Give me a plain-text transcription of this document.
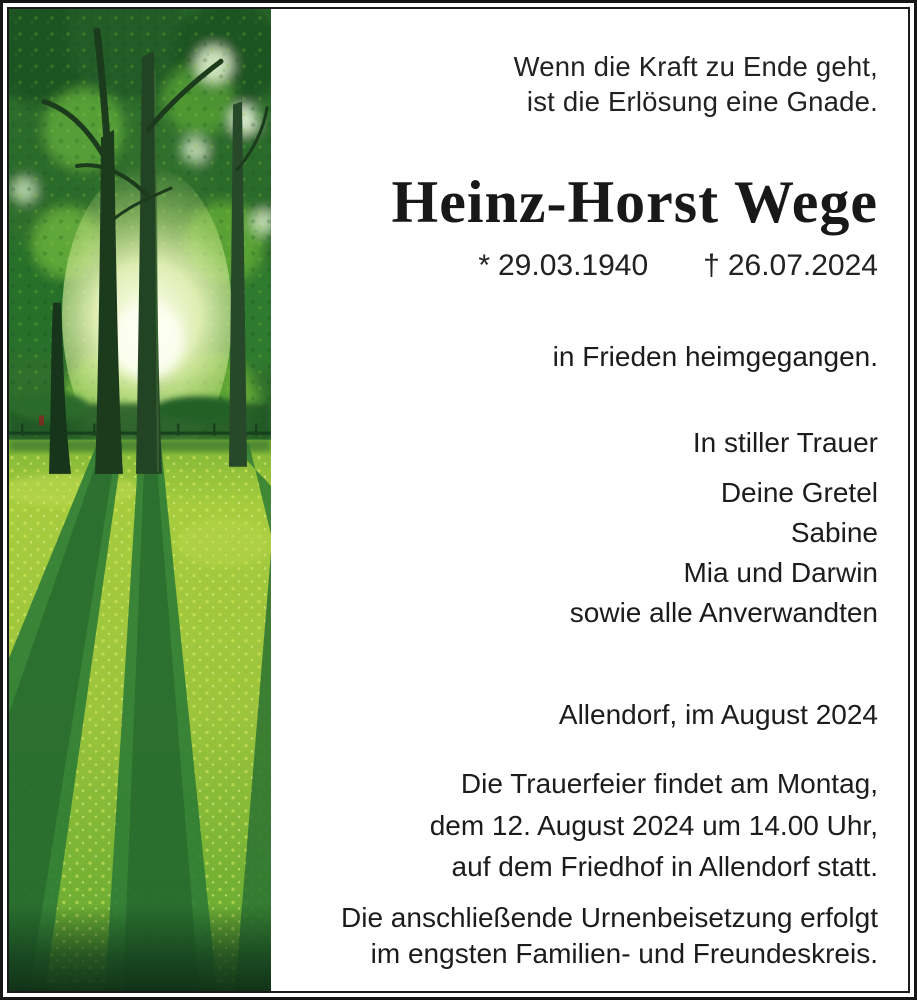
Wenn die Kraft zu Ende geht,
ist die Erlösung eine Gnade.

Heinz-Horst Wege

* 29.03.1940 † 26.07.2024

in Frieden heimgegangen.

In stiller Trauer

Deine Gretel
Sabine
Mia und Darwin
sowie alle Anverwandten

Allendorf, im August 2024

Die Trauerfeier findet am Montag,
dem 12. August 2024 um 14.00 Uhr,
auf dem Friedhof in Allendorf statt.

Die anschließende Urnenbeisetzung erfolgt
im engsten Familien- und Freundeskreis.
